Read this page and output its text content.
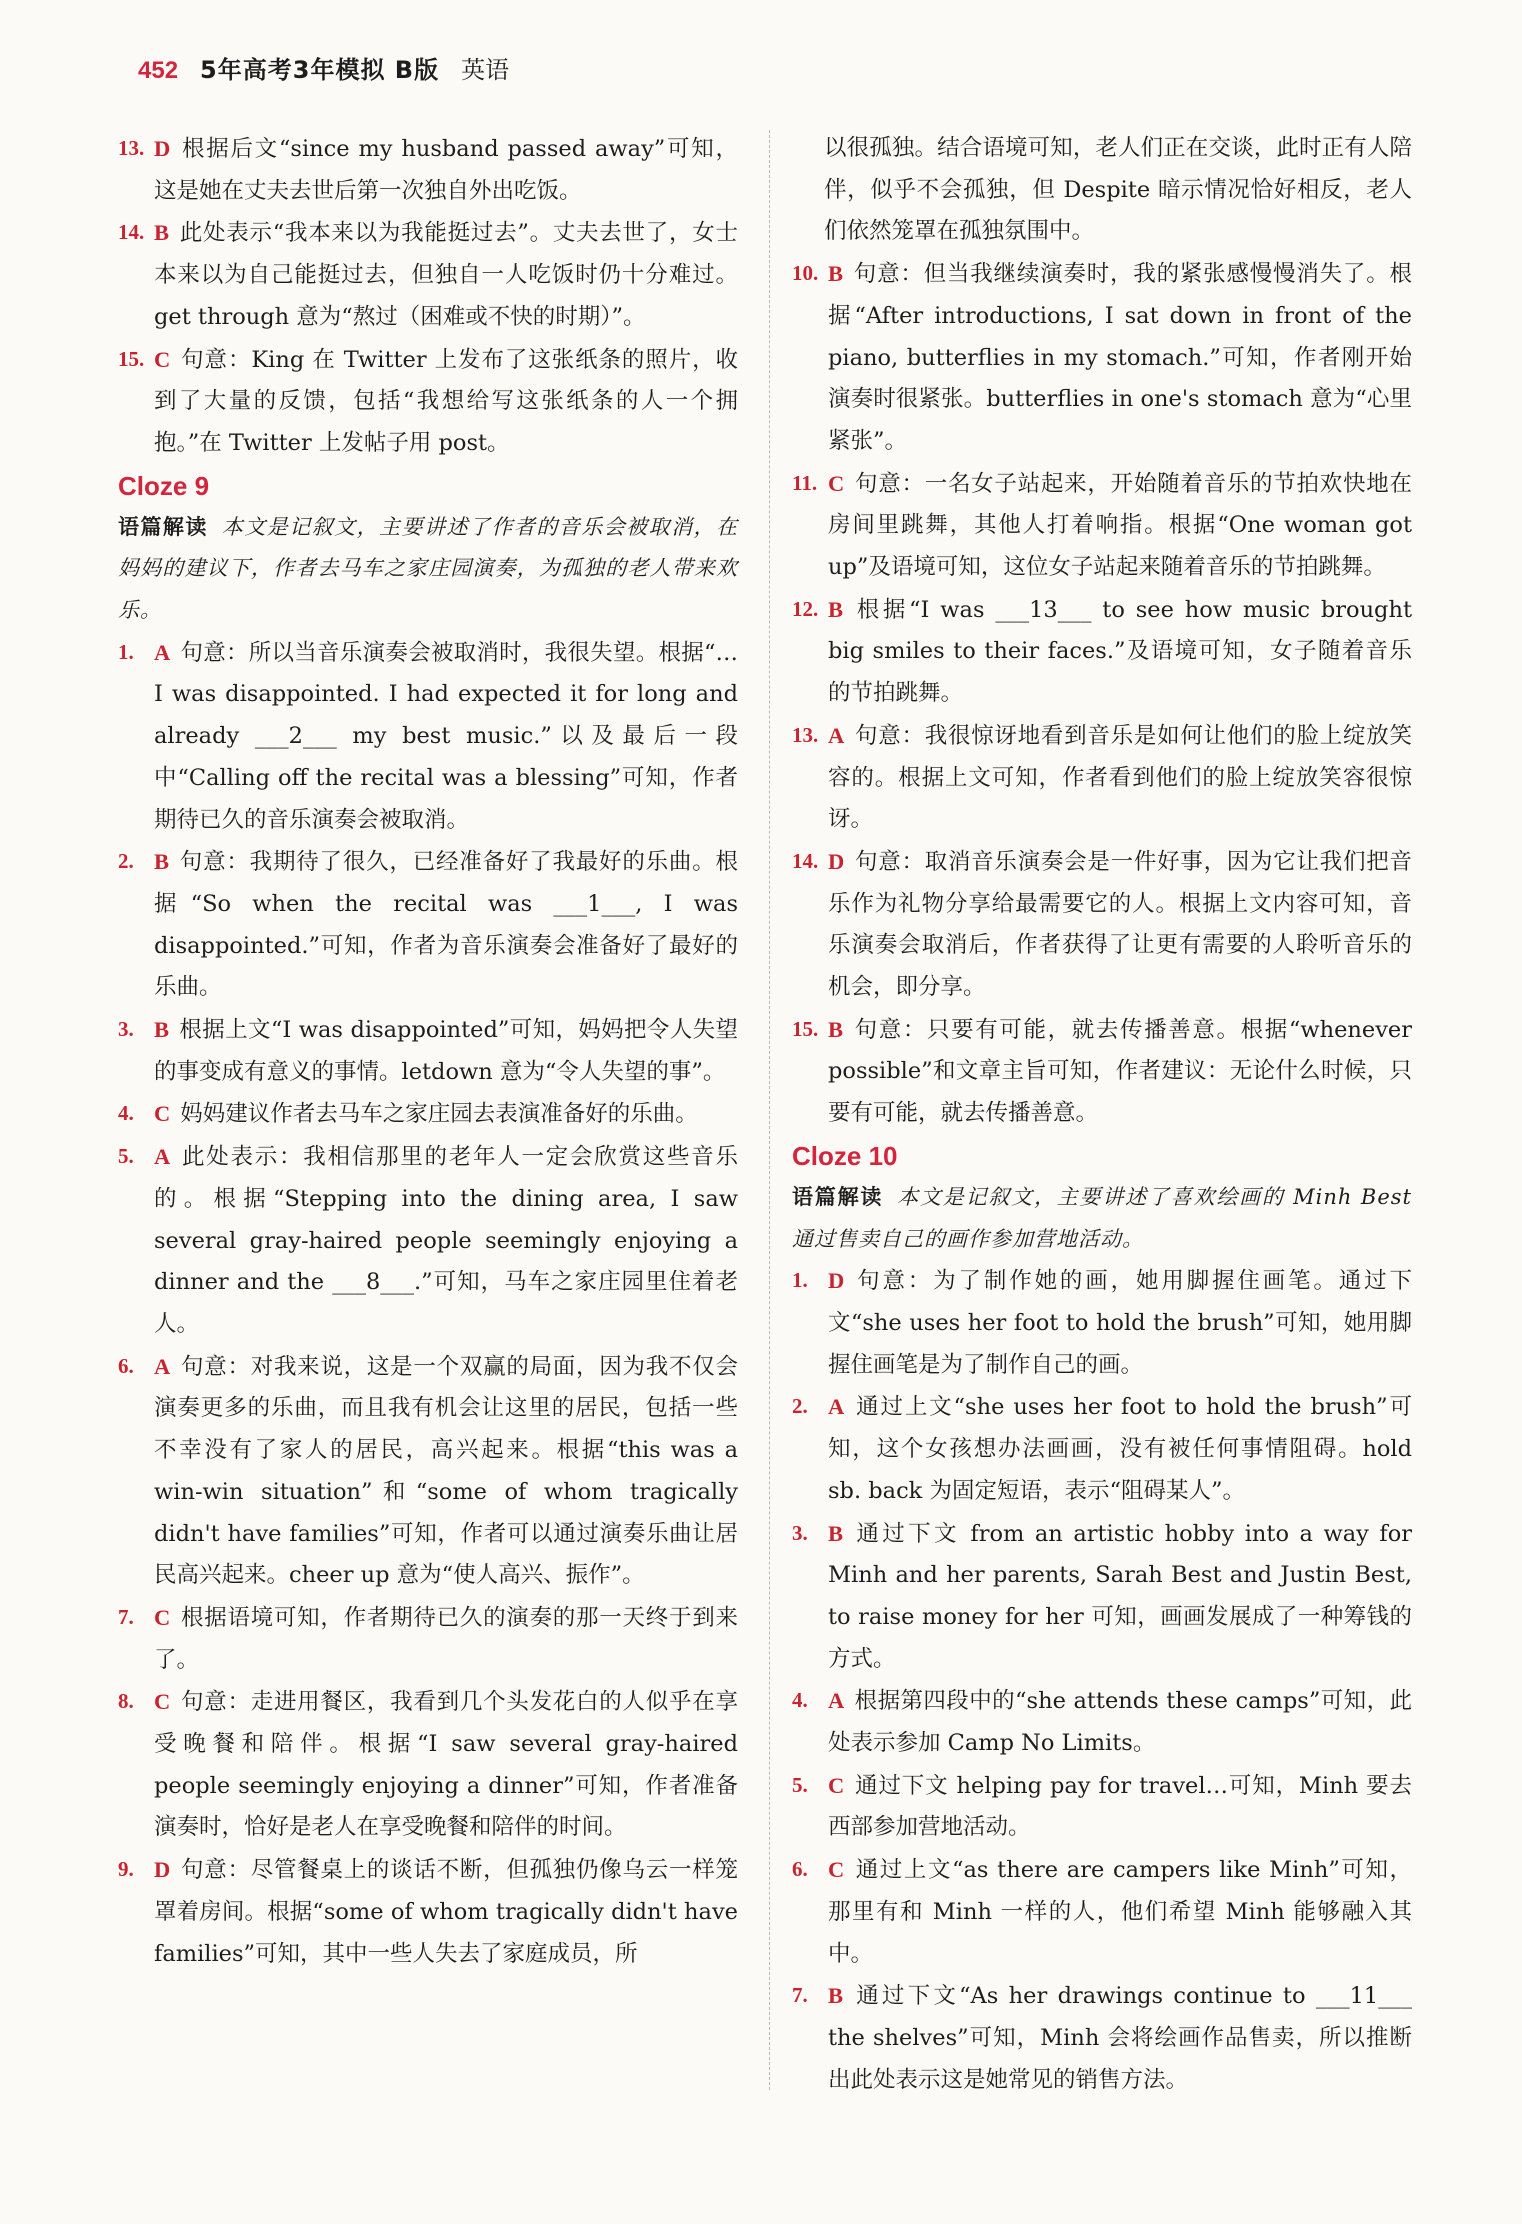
452 5年高考3年模拟 B版 英语
13. D 根据后文“since my husband passed away”可知，这是她在丈夫去世后第一次独自外出吃饭。
14. B 此处表示“我本来以为我能挺过去”。丈夫去世了，女士本来以为自己能挺过去，但独自一人吃饭时仍十分难过。get through 意为“熬过（困难或不快的时期）”。
15. C 句意：King 在 Twitter 上发布了这张纸条的照片，收到了大量的反馈，包括“我想给写这张纸条的人一个拥抱。”在 Twitter 上发帖子用 post。
Cloze 9
语篇解读 本文是记叙文，主要讲述了作者的音乐会被取消，在妈妈的建议下，作者去马车之家庄园演奏，为孤独的老人带来欢乐。
1. A 句意：所以当音乐演奏会被取消时，我很失望。根据“…I was disappointed. I had expected it for long and already ___2___ my best music.”以及最后一段中“Calling off the recital was a blessing”可知，作者期待已久的音乐演奏会被取消。
2. B 句意：我期待了很久，已经准备好了我最好的乐曲。根据“So when the recital was ___1___, I was disappointed.”可知，作者为音乐演奏会准备好了最好的乐曲。
3. B 根据上文“I was disappointed”可知，妈妈把令人失望的事变成有意义的事情。letdown 意为“令人失望的事”。
4. C 妈妈建议作者去马车之家庄园去表演准备好的乐曲。
5. A 此处表示：我相信那里的老年人一定会欣赏这些音乐的。根据“Stepping into the dining area, I saw several gray-haired people seemingly enjoying a dinner and the ___8___.”可知，马车之家庄园里住着老人。
6. A 句意：对我来说，这是一个双赢的局面，因为我不仅会演奏更多的乐曲，而且我有机会让这里的居民，包括一些不幸没有了家人的居民，高兴起来。根据“this was a win-win situation”和“some of whom tragically didn't have families”可知，作者可以通过演奏乐曲让居民高兴起来。cheer up 意为“使人高兴、振作”。
7. C 根据语境可知，作者期待已久的演奏的那一天终于到来了。
8. C 句意：走进用餐区，我看到几个头发花白的人似乎在享受晚餐和陪伴。根据“I saw several gray-haired people seemingly enjoying a dinner”可知，作者准备演奏时，恰好是老人在享受晚餐和陪伴的时间。
9. D 句意：尽管餐桌上的谈话不断，但孤独仍像乌云一样笼罩着房间。根据“some of whom tragically didn't have families”可知，其中一些人失去了家庭成员，所
以很孤独。结合语境可知，老人们正在交谈，此时正有人陪伴，似乎不会孤独，但 Despite 暗示情况恰好相反，老人们依然笼罩在孤独氛围中。
10. B 句意：但当我继续演奏时，我的紧张感慢慢消失了。根据“After introductions, I sat down in front of the piano, butterflies in my stomach.”可知，作者刚开始演奏时很紧张。butterflies in one's stomach 意为“心里紧张”。
11. C 句意：一名女子站起来，开始随着音乐的节拍欢快地在房间里跳舞，其他人打着响指。根据“One woman got up”及语境可知，这位女子站起来随着音乐的节拍跳舞。
12. B 根据“I was ___13___ to see how music brought big smiles to their faces.”及语境可知，女子随着音乐的节拍跳舞。
13. A 句意：我很惊讶地看到音乐是如何让他们的脸上绽放笑容的。根据上文可知，作者看到他们的脸上绽放笑容很惊讶。
14. D 句意：取消音乐演奏会是一件好事，因为它让我们把音乐作为礼物分享给最需要它的人。根据上文内容可知，音乐演奏会取消后，作者获得了让更有需要的人聆听音乐的机会，即分享。
15. B 句意：只要有可能，就去传播善意。根据“whenever possible”和文章主旨可知，作者建议：无论什么时候，只要有可能，就去传播善意。
Cloze 10
语篇解读 本文是记叙文，主要讲述了喜欢绘画的 Minh Best 通过售卖自己的画作参加营地活动。
1. D 句意：为了制作她的画，她用脚握住画笔。通过下文“she uses her foot to hold the brush”可知，她用脚握住画笔是为了制作自己的画。
2. A 通过上文“she uses her foot to hold the brush”可知，这个女孩想办法画画，没有被任何事情阻碍。hold sb. back 为固定短语，表示“阻碍某人”。
3. B 通过下文 from an artistic hobby into a way for Minh and her parents, Sarah Best and Justin Best, to raise money for her 可知，画画发展成了一种筹钱的方式。
4. A 根据第四段中的“she attends these camps”可知，此处表示参加 Camp No Limits。
5. C 通过下文 helping pay for travel…可知，Minh 要去西部参加营地活动。
6. C 通过上文“as there are campers like Minh”可知，那里有和 Minh 一样的人，他们希望 Minh 能够融入其中。
7. B 通过下文“As her drawings continue to ___11___ the shelves”可知，Minh 会将绘画作品售卖，所以推断出此处表示这是她常见的销售方法。
